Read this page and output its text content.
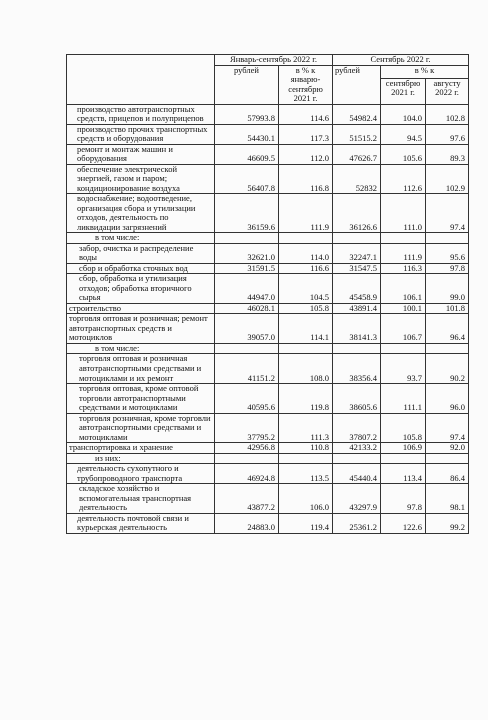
	Январь-сентябрь 2022 г.		Сентябрь 2022 г.		
	рублей	в % к январю-сентябрю 2021 г.	рублей	в % к	
				сентябрю 2021 г.	августу 2022 г.
производство автотранспортных средств, прицепов и полуприцепов	57993.8	114.6	54982.4	104.0	102.8
производство прочих транспортных средств и оборудования	54430.1	117.3	51515.2	94.5	97.6
ремонт и монтаж машин и оборудования	46609.5	112.0	47626.7	105.6	89.3
обеспечение электрической энергией, газом и паром; кондиционирование воздуха	56407.8	116.8	52832	112.6	102.9
водоснабжение; водоотведение, организация сбора и утилизации отходов, деятельность по ликвидации загрязнений	36159.6	111.9	36126.6	111.0	97.4
в том числе:					
забор, очистка и распределение воды	32621.0	114.0	32247.1	111.9	95.6
сбор и обработка сточных вод	31591.5	116.6	31547.5	116.3	97.8
сбор, обработка и утилизация отходов; обработка вторичного сырья	44947.0	104.5	45458.9	106.1	99.0
строительство	46028.1	105.8	43891.4	100.1	101.8
торговля оптовая и розничная; ремонт автотранспортных средств и мотоциклов	39057.0	114.1	38141.3	106.7	96.4
в том числе:					
торговля оптовая и розничная автотранспортными средствами и мотоциклами и их ремонт	41151.2	108.0	38356.4	93.7	90.2
торговля оптовая, кроме оптовой торговли автотранспортными средствами и мотоциклами	40595.6	119.8	38605.6	111.1	96.0
торговля розничная, кроме торговли автотранспортными средствами и мотоциклами	37795.2	111.3	37807.2	105.8	97.4
транспортировка и хранение	42956.8	110.8	42133.2	106.9	92.0
из них:					
деятельность сухопутного и трубопроводного транспорта	46924.8	113.5	45440.4	113.4	86.4
складское хозяйство и вспомогательная транспортная деятельность	43877.2	106.0	43297.9	97.8	98.1
деятельность почтовой связи и курьерская деятельность	24883.0	119.4	25361.2	122.6	99.2
